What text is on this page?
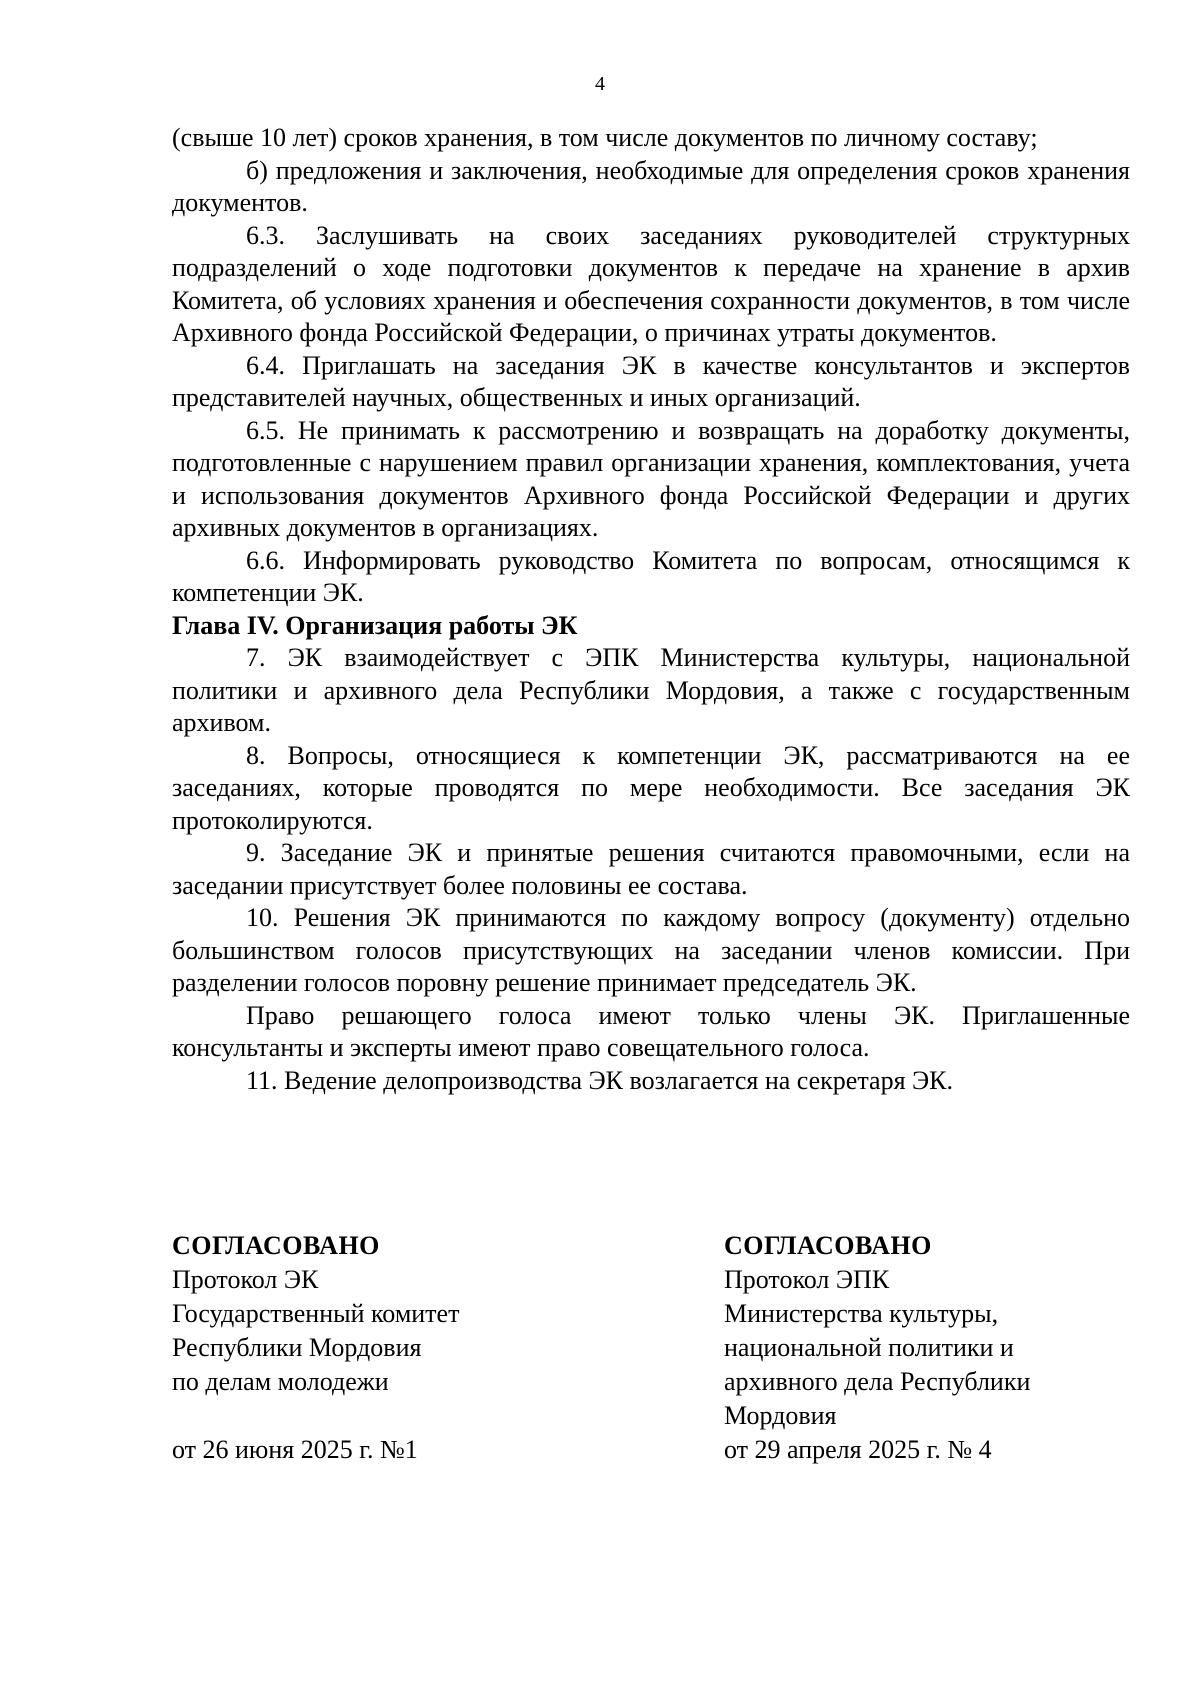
4

(свыше 10 лет) сроков хранения, в том числе документов по личному составу;

б) предложения и заключения, необходимые для определения сроков хранения документов.

6.3. Заслушивать на своих заседаниях руководителей структурных подразделений о ходе подготовки документов к передаче на хранение в архив Комитета, об условиях хранения и обеспечения сохранности документов, в том числе Архивного фонда Российской Федерации, о причинах утраты документов.

6.4. Приглашать на заседания ЭК в качестве консультантов и экспертов представителей научных, общественных и иных организаций.

6.5. Не принимать к рассмотрению и возвращать на доработку документы, подготовленные с нарушением правил организации хранения, комплектования, учета и использования документов Архивного фонда Российской Федерации и других архивных документов в организациях.

6.6. Информировать руководство Комитета по вопросам, относящимся к компетенции ЭК.

Глава IV. Организация работы ЭК

7. ЭК взаимодействует с ЭПК Министерства культуры, национальной политики и архивного дела Республики Мордовия, а также с государственным архивом.

8. Вопросы, относящиеся к компетенции ЭК, рассматриваются на ее заседаниях, которые проводятся по мере необходимости. Все заседания ЭК протоколируются.

9. Заседание ЭК и принятые решения считаются правомочными, если на заседании присутствует более половины ее состава.

10. Решения ЭК принимаются по каждому вопросу (документу) отдельно большинством голосов присутствующих на заседании членов комиссии. При разделении голосов поровну решение принимает председатель ЭК.

Право решающего голоса имеют только члены ЭК. Приглашенные консультанты и эксперты имеют право совещательного голоса.

11. Ведение делопроизводства ЭК возлагается на секретаря ЭК.

СОГЛАСОВАНО
Протокол ЭК
Государственный комитет
Республики Мордовия
по делам молодежи
от 26 июня 2025 г. №1
СОГЛАСОВАНО
Протокол ЭПК
Министерства культуры,
национальной политики и
архивного дела Республики
Мордовия
от 29 апреля 2025 г. № 4
